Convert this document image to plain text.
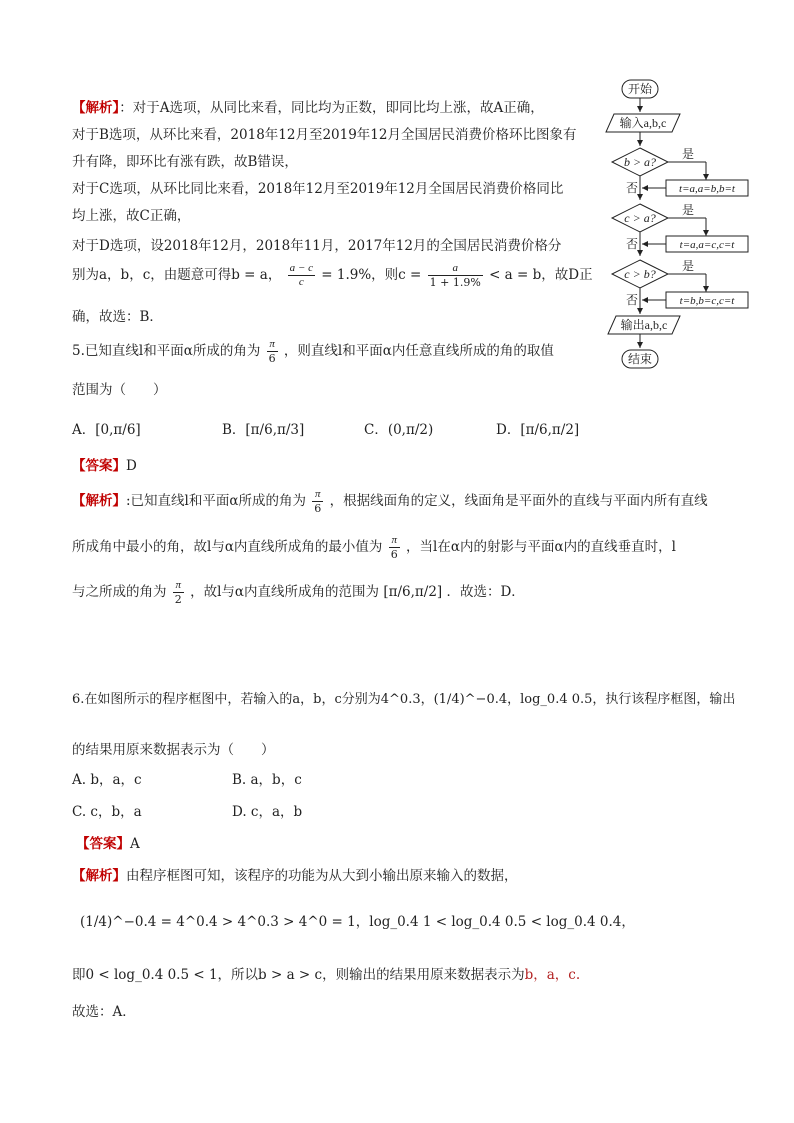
【解析】：对于A选项，从同比来看，同比均为正数，即同比均上涨，故A正确，
对于B选项，从环比来看，2018年12月至2019年12月全国居民消费价格环比图象有
升有降，即环比有涨有跌，故B错误，
对于C选项，从环比同比来看，2018年12月至2019年12月全国居民消费价格同比
均上涨，故C正确，
对于D选项，设2018年12月，2018年11月，2017年12月的全国居民消费价格分
别为a，b，c，由题意可得b = a， $\frac{a - c}{c} = 1.9\%$，则$c = \frac{a}{1 + 1.9\%} < a = b$，故D正
确，故选：B．
5.已知直线l和平面α所成的角为 $\frac{\pi}{6}$ ，则直线l和平面α内任意直线所成的角的取值
范围为（　　）
A．[0,π/6]	B．[π/6,π/3]	C．(0,π/2)	D．[π/6,π/2]
【答案】D
【解析】:已知直线l和平面α所成的角为 $\frac{\pi}{6}$ ，根据线面角的定义，线面角是平面外的直线与平面内所有直线
所成角中最小的角，故l与α内直线所成角的最小值为 $\frac{\pi}{6}$ ，当l在α内的射影与平面α内的直线垂直时，l
与之所成的角为 $\frac{\pi}{2}$ ，故l与α内直线所成角的范围为 [π/6,π/2] ．故选：D．
6.在如图所示的程序框图中，若输入的a，b，c分别为4^0.3，(1/4)^−0.4，log_0.4 0.5，执行该程序框图，输出
的结果用原来数据表示为（　　）
A. b，a，c	B. a，b，c
C. c，b，a	D. c，a，b
【答案】A
【解析】由程序框图可知，该程序的功能为从大到小输出原来输入的数据，
(1/4)^−0.4 = 4^0.4 > 4^0.3 > 4^0 = 1，log_0.4 1 < log_0.4 0.5 < log_0.4 0.4，
即0 < log_0.4 0.5 < 1，所以b > a > c，则输出的结果用原来数据表示为b，a，c.
故选：A．
开始
输入a,b,c
b > a?
是
t=a,a=b,b=t
否
c > a?
是
t=a,a=c,c=t
否
c > b?
是
t=b,b=c,c=t
否
输出a,b,c
结束
